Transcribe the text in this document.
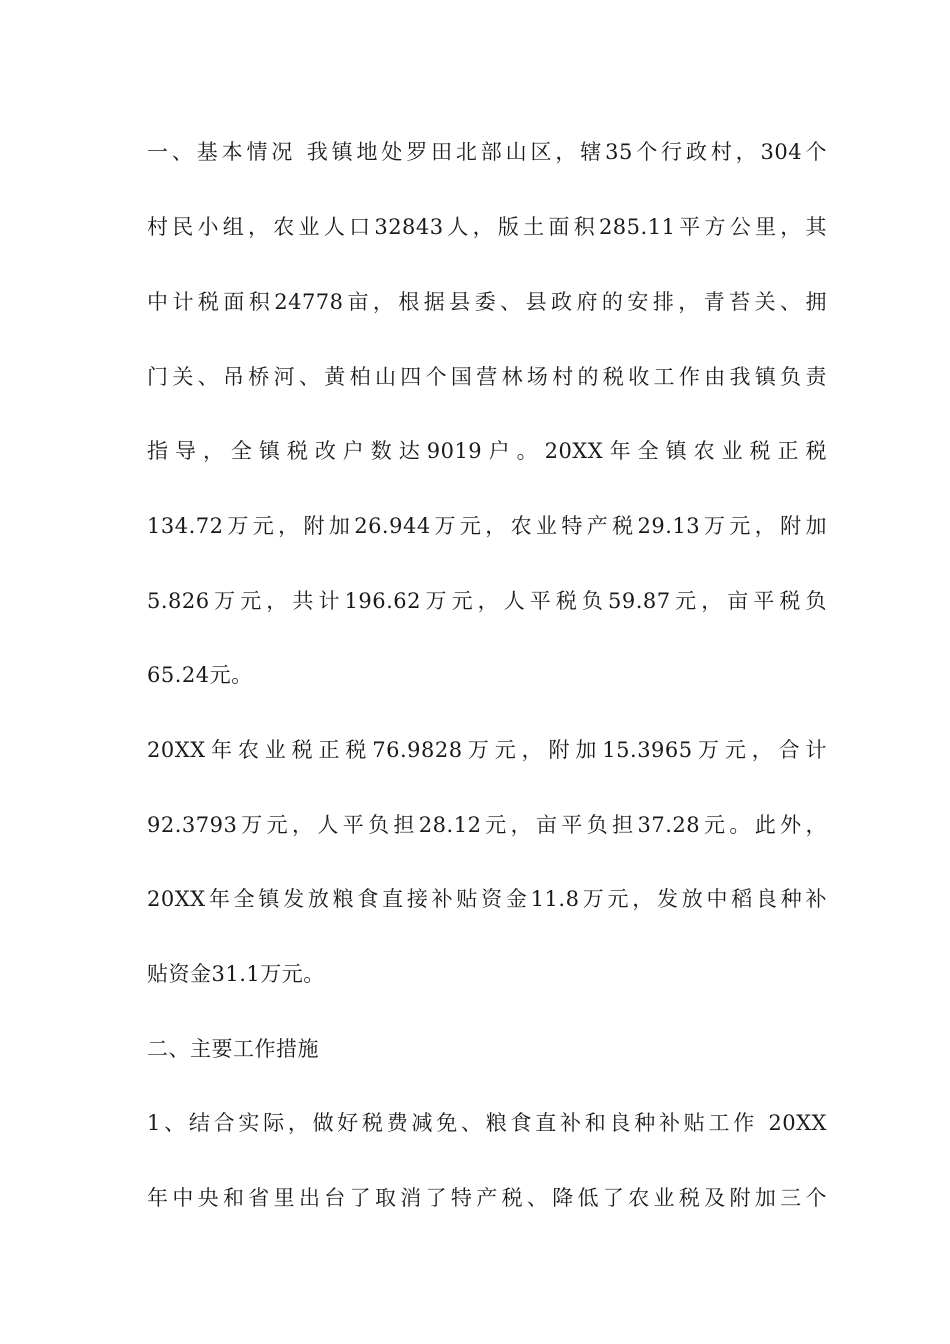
一、基本情况 我镇地处罗田北部山区，辖35个行政村，304个
村民小组，农业人口32843人，版土面积285.11平方公里，其
中计税面积24778亩，根据县委、县政府的安排，青苔关、拥
门关、吊桥河、黄柏山四个国营林场村的税收工作由我镇负责
指导，全镇税改户数达9019户。20XX年全镇农业税正税
134.72万元，附加26.944万元，农业特产税29.13万元，附加
5.826万元，共计196.62万元，人平税负59.87元，亩平税负
65.24元。
20XX年农业税正税76.9828万元，附加15.3965万元，合计
92.3793万元，人平负担28.12元，亩平负担37.28元。此外，
20XX年全镇发放粮食直接补贴资金11.8万元，发放中稻良种补
贴资金31.1万元。
二、主要工作措施
1、结合实际，做好税费减免、粮食直补和良种补贴工作 20XX
年中央和省里出台了取消了特产税、降低了农业税及附加三个
